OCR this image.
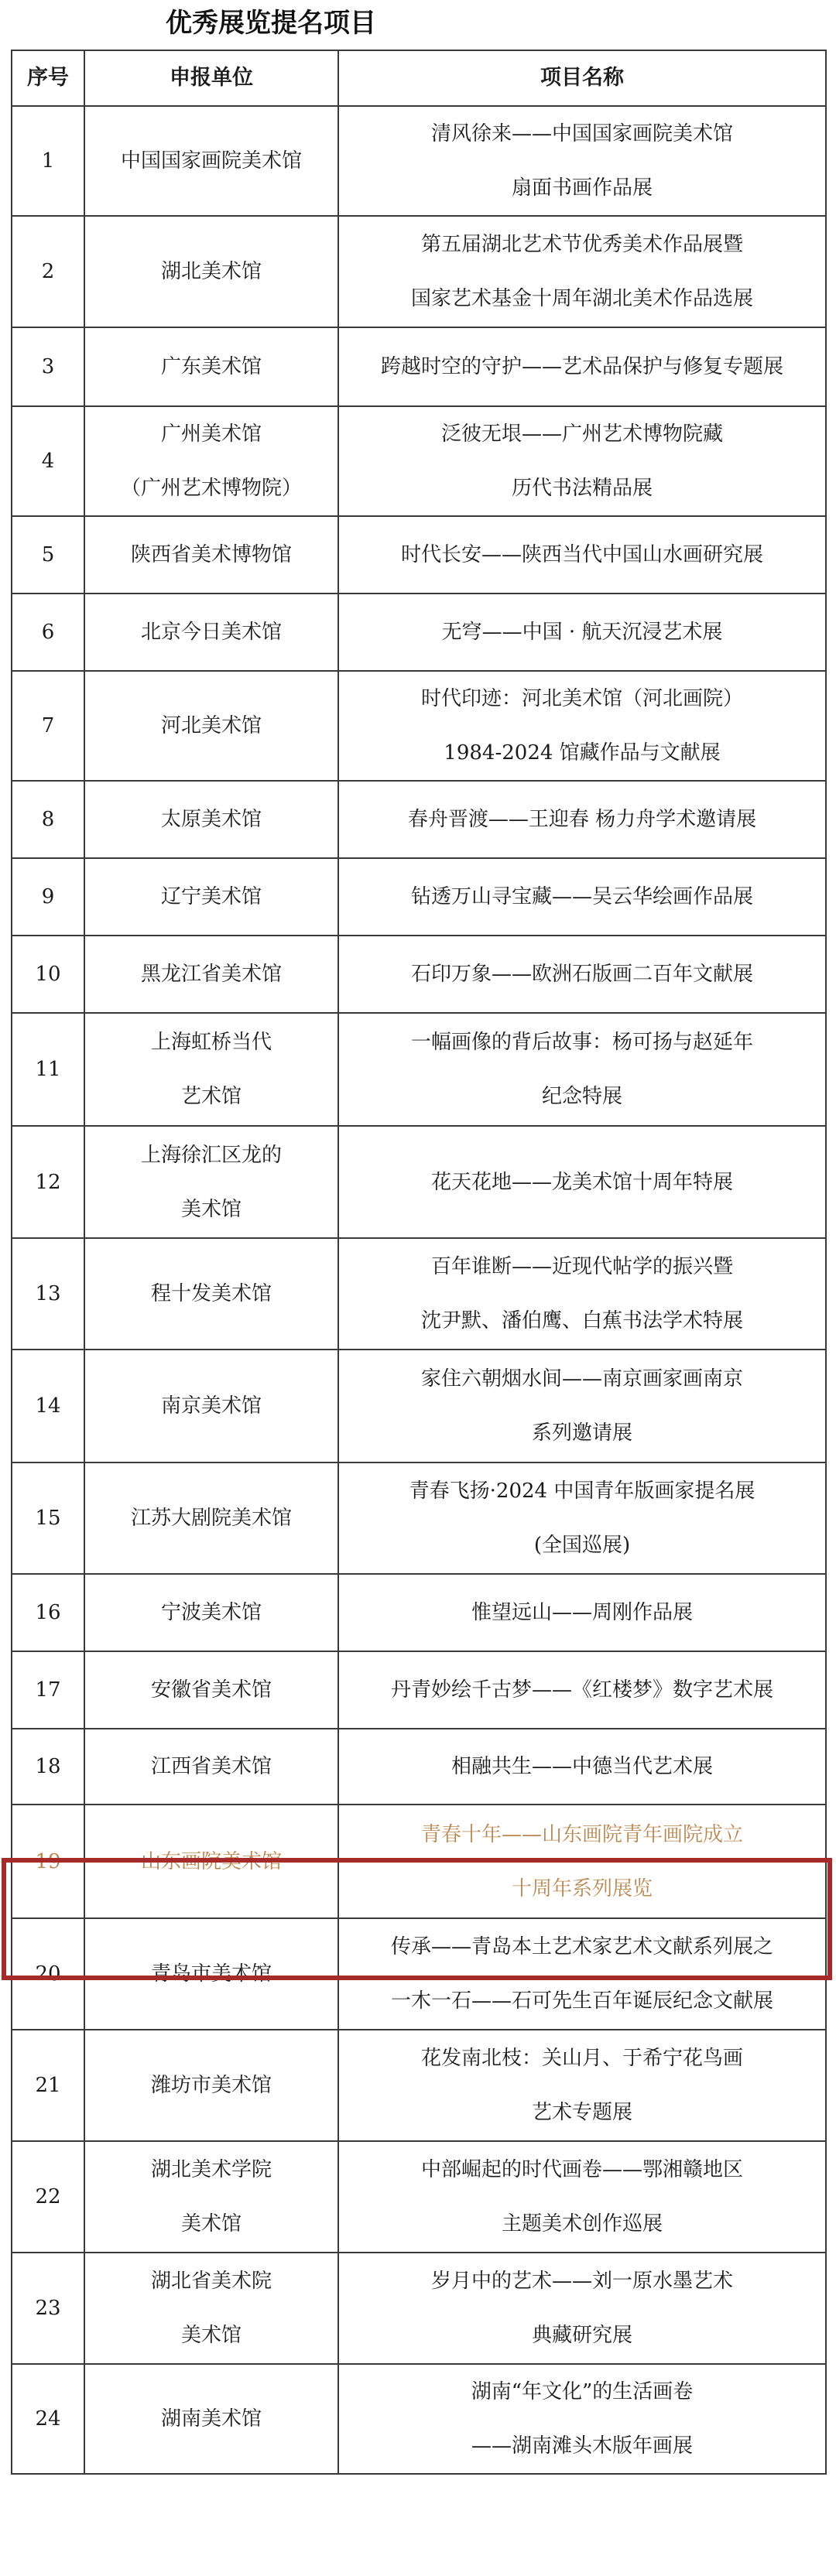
优秀展览提名项目
序号	申报单位	项目名称
1	中国国家画院美术馆	清风徐来——中国国家画院美术馆
扇面书画作品展

2	湖北美术馆	第五届湖北艺术节优秀美术作品展暨
国家艺术基金十周年湖北美术作品选展

3	广东美术馆	跨越时空的守护——艺术品保护与修复专题展

4	广州美术馆
（广州艺术博物院）	泛彼无垠——广州艺术博物院藏
历代书法精品展

5	陕西省美术博物馆	时代长安——陕西当代中国山水画研究展

6	北京今日美术馆	无穹——中国 · 航天沉浸艺术展

7	河北美术馆	时代印迹：河北美术馆（河北画院）
1984-2024 馆藏作品与文献展

8	太原美术馆	春舟晋渡——王迎春 杨力舟学术邀请展

9	辽宁美术馆	钻透万山寻宝藏——吴云华绘画作品展

10	黑龙江省美术馆	石印万象——欧洲石版画二百年文献展

11	上海虹桥当代
艺术馆	一幅画像的背后故事：杨可扬与赵延年
纪念特展

12	上海徐汇区龙的
美术馆	花天花地——龙美术馆十周年特展

13	程十发美术馆	百年谁断——近现代帖学的振兴暨
沈尹默、潘伯鹰、白蕉书法学术特展

14	南京美术馆	家住六朝烟水间——南京画家画南京
系列邀请展

15	江苏大剧院美术馆	青春飞扬·2024 中国青年版画家提名展
(全国巡展)

16	宁波美术馆	惟望远山——周刚作品展

17	安徽省美术馆	丹青妙绘千古梦——《红楼梦》数字艺术展

18	江西省美术馆	相融共生——中德当代艺术展

19	山东画院美术馆	青春十年——山东画院青年画院成立
十周年系列展览

20	青岛市美术馆	传承——青岛本土艺术家艺术文献系列展之
一木一石——石可先生百年诞辰纪念文献展

21	潍坊市美术馆	花发南北枝：关山月、于希宁花鸟画
艺术专题展

22	湖北美术学院
美术馆	中部崛起的时代画卷——鄂湘赣地区
主题美术创作巡展

23	湖北省美术院
美术馆	岁月中的艺术——刘一原水墨艺术
典藏研究展

24	湖南美术馆	湖南“年文化”的生活画卷
——湖南滩头木版年画展
